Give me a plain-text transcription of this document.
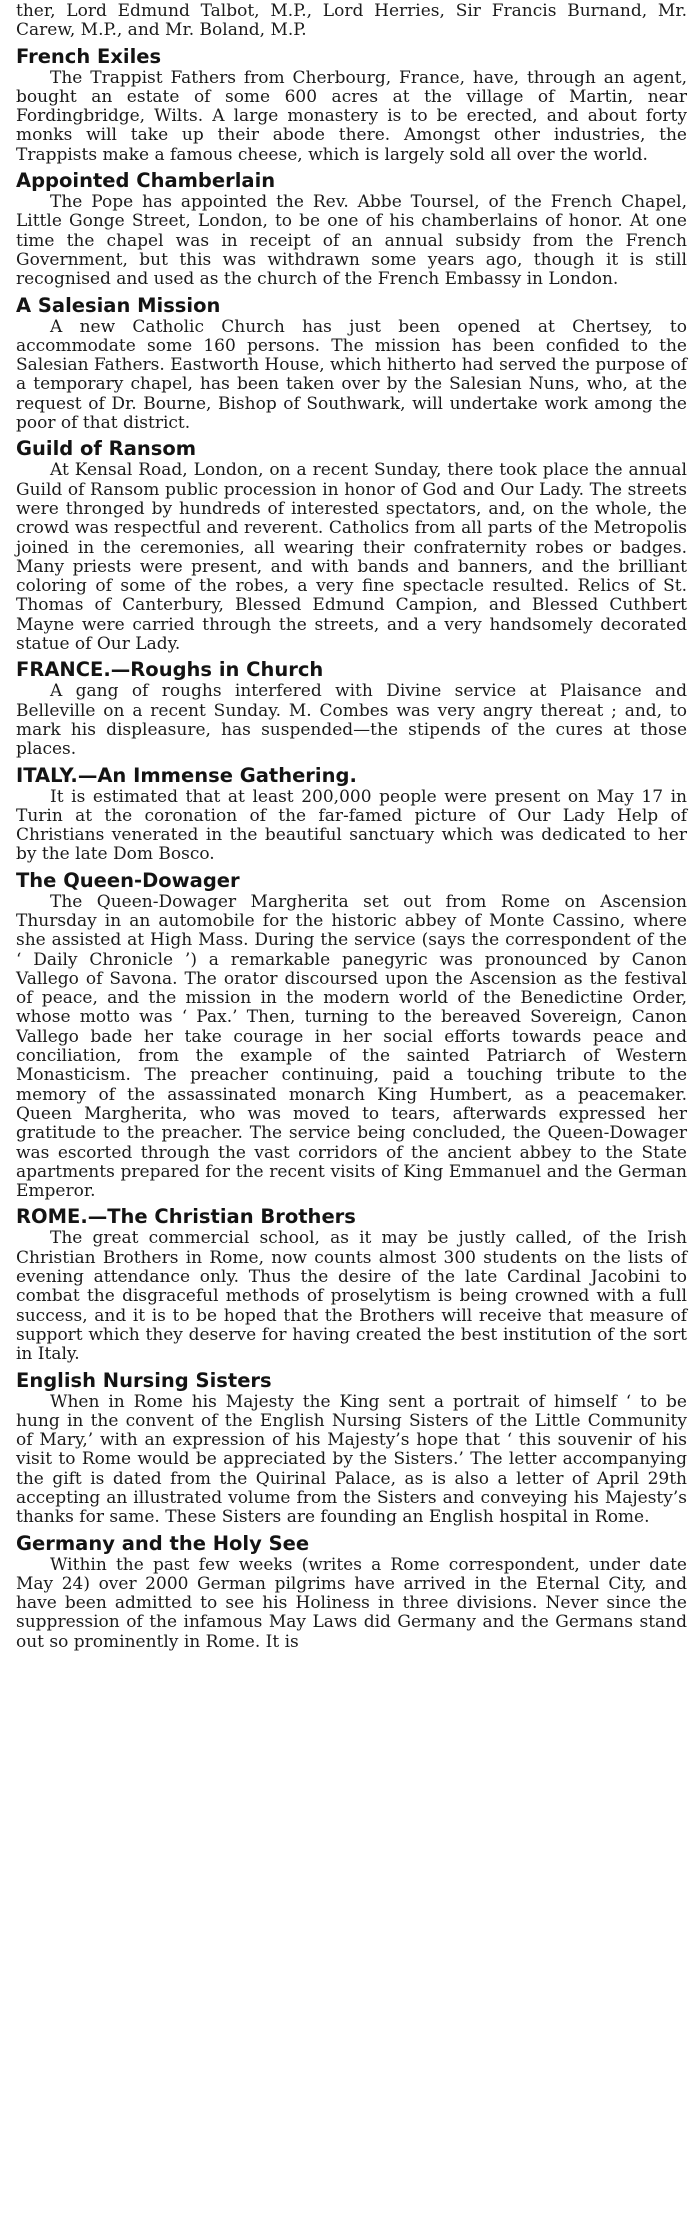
ther, Lord Edmund Talbot, M.P., Lord Herries, Sir Francis Burnand, Mr. Carew, M.P., and Mr. Boland, M.P.

French Exiles

The Trappist Fathers from Cherbourg, France, have, through an agent, bought an estate of some 600 acres at the village of Martin, near Fordingbridge, Wilts. A large monastery is to be erected, and about forty monks will take up their abode there. Amongst other industries, the Trappists make a famous cheese, which is largely sold all over the world.

Appointed Chamberlain

The Pope has appointed the Rev. Abbe Toursel, of the French Chapel, Little Gonge Street, London, to be one of his chamberlains of honor. At one time the chapel was in receipt of an annual subsidy from the French Government, but this was withdrawn some years ago, though it is still recognised and used as the church of the French Embassy in London.

A Salesian Mission

A new Catholic Church has just been opened at Chertsey, to accommodate some 160 persons. The mission has been confided to the Salesian Fathers. Eastworth House, which hitherto had served the purpose of a temporary chapel, has been taken over by the Salesian Nuns, who, at the request of Dr. Bourne, Bishop of Southwark, will undertake work among the poor of that district.

Guild of Ransom

At Kensal Road, London, on a recent Sunday, there took place the annual Guild of Ransom public procession in honor of God and Our Lady. The streets were thronged by hundreds of interested spectators, and, on the whole, the crowd was respectful and reverent. Catholics from all parts of the Metropolis joined in the ceremonies, all wearing their confraternity robes or badges. Many priests were present, and with bands and banners, and the brilliant coloring of some of the robes, a very fine spectacle resulted. Relics of St. Thomas of Canterbury, Blessed Edmund Campion, and Blessed Cuthbert Mayne were carried through the streets, and a very handsomely decorated statue of Our Lady.

FRANCE.—Roughs in Church

A gang of roughs interfered with Divine service at Plaisance and Belleville on a recent Sunday. M. Combes was very angry thereat ; and, to mark his displeasure, has suspended—the stipends of the cures at those places.

ITALY.—An Immense Gathering.

It is estimated that at least 200,000 people were present on May 17 in Turin at the coronation of the far-famed picture of Our Lady Help of Christians venerated in the beautiful sanctuary which was dedicated to her by the late Dom Bosco.

The Queen-Dowager

The Queen-Dowager Margherita set out from Rome on Ascension Thursday in an automobile for the historic abbey of Monte Cassino, where she assisted at High Mass. During the service (says the correspondent of the ‘ Daily Chronicle ’) a remarkable panegyric was pronounced by Canon Vallego of Savona. The orator discoursed upon the Ascension as the festival of peace, and the mission in the modern world of the Benedictine Order, whose motto was ‘ Pax.’ Then, turning to the bereaved Sovereign, Canon Vallego bade her take courage in her social efforts towards peace and conciliation, from the example of the sainted Patriarch of Western Monasticism. The preacher continuing, paid a touching tribute to the memory of the assassinated monarch King Humbert, as a peacemaker. Queen Margherita, who was moved to tears, afterwards expressed her gratitude to the preacher. The service being concluded, the Queen-Dowager was escorted through the vast corridors of the ancient abbey to the State apartments prepared for the recent visits of King Emmanuel and the German Emperor.

ROME.—The Christian Brothers

The great commercial school, as it may be justly called, of the Irish Christian Brothers in Rome, now counts almost 300 students on the lists of evening attendance only. Thus the desire of the late Cardinal Jacobini to combat the disgraceful methods of proselytism is being crowned with a full success, and it is to be hoped that the Brothers will receive that measure of support which they deserve for having created the best institution of the sort in Italy.

English Nursing Sisters

When in Rome his Majesty the King sent a portrait of himself ‘ to be hung in the convent of the English Nursing Sisters of the Little Community of Mary,’ with an expression of his Majesty’s hope that ‘ this souvenir of his visit to Rome would be appreciated by the Sisters.’ The letter accompanying the gift is dated from the Quirinal Palace, as is also a letter of April 29th accepting an illustrated volume from the Sisters and conveying his Majesty’s thanks for same. These Sisters are founding an English hospital in Rome.

Germany and the Holy See

Within the past few weeks (writes a Rome correspondent, under date May 24) over 2000 German pilgrims have arrived in the Eternal City, and have been admitted to see his Holiness in three divisions. Never since the suppression of the infamous May Laws did Germany and the Germans stand out so prominently in Rome. It is
